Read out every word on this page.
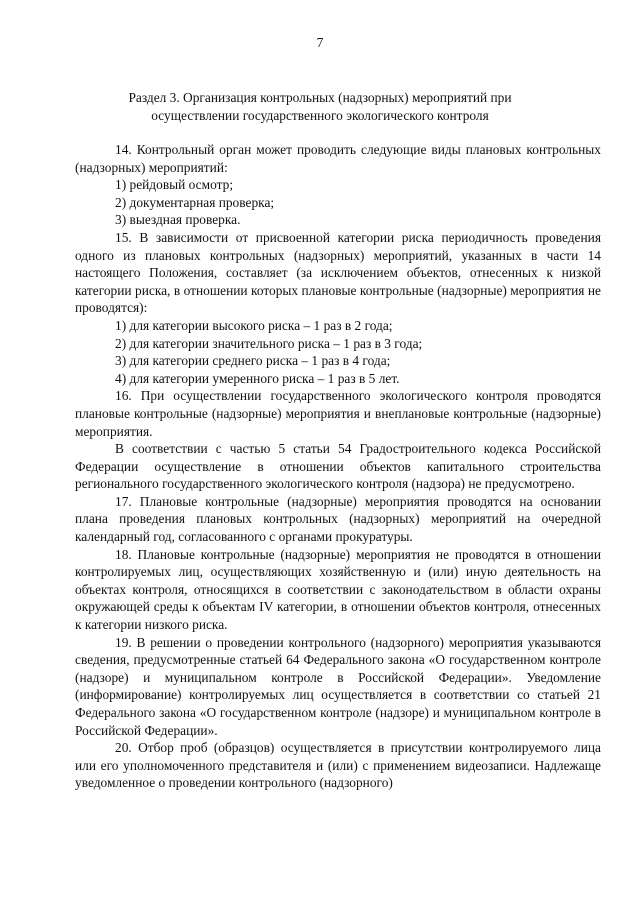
7
Раздел 3. Организация контрольных (надзорных) мероприятий при
осуществлении государственного экологического контроля

14. Контрольный орган может проводить следующие виды плановых контрольных (надзорных) мероприятий:

1) рейдовый осмотр;

2) документарная проверка;

3) выездная проверка.

15. В зависимости от присвоенной категории риска периодичность проведения одного из плановых контрольных (надзорных) мероприятий, указанных в части 14 настоящего Положения, составляет (за исключением объектов, отнесенных к низкой категории риска, в отношении которых плановые контрольные (надзорные) мероприятия не проводятся):

1) для категории высокого риска – 1 раз в 2 года;

2) для категории значительного риска – 1 раз в 3 года;

3) для категории среднего риска – 1 раз в 4 года;

4) для категории умеренного риска – 1 раз в 5 лет.

16. При осуществлении государственного экологического контроля проводятся плановые контрольные (надзорные) мероприятия и внеплановые контрольные (надзорные) мероприятия.

В соответствии с частью 5 статьи 54 Градостроительного кодекса Российской Федерации осуществление в отношении объектов капитального строительства регионального государственного экологического контроля (надзора) не предусмотрено.

17. Плановые контрольные (надзорные) мероприятия проводятся на основании плана проведения плановых контрольных (надзорных) мероприятий на очередной календарный год, согласованного с органами прокуратуры.

18. Плановые контрольные (надзорные) мероприятия не проводятся в отношении контролируемых лиц, осуществляющих хозяйственную и (или) иную деятельность на объектах контроля, относящихся в соответствии с законодательством в области охраны окружающей среды к объектам IV категории, в отношении объектов контроля, отнесенных к категории низкого риска.

19. В решении о проведении контрольного (надзорного) мероприятия указываются сведения, предусмотренные статьей 64 Федерального закона «О государственном контроле (надзоре) и муниципальном контроле в Российской Федерации». Уведомление (информирование) контролируемых лиц осуществляется в соответствии со статьей 21 Федерального закона «О государственном контроле (надзоре) и муниципальном контроле в Российской Федерации».

20. Отбор проб (образцов) осуществляется в присутствии контролируемого лица или его уполномоченного представителя и (или) с применением видеозаписи. Надлежаще уведомленное о проведении контрольного (надзорного)
